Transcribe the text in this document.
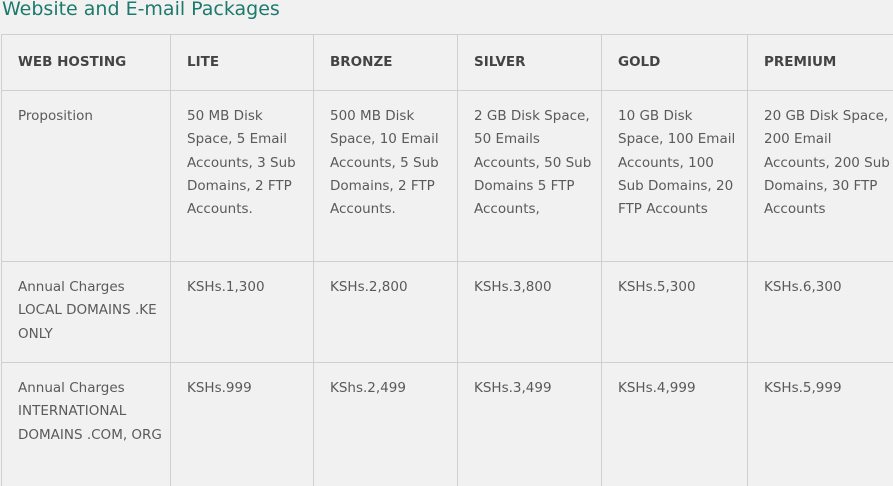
Website and E-mail Packages
WEB HOSTING	LITE	BRONZE	SILVER	GOLD	PREMIUM

Proposition	50 MB Disk Space, 5 Email Accounts, 3 Sub Domains, 2 FTP Accounts.	500 MB Disk Space, 10 Email Accounts, 5 Sub Domains, 2 FTP Accounts.	2 GB Disk Space, 50 Emails Accounts, 50 Sub Domains 5 FTP Accounts,	10 GB Disk Space, 100 Email Accounts, 100 Sub Domains, 20 FTP Accounts	20 GB Disk Space, 200 Email Accounts, 200 Sub Domains, 30 FTP Accounts

Annual Charges LOCAL DOMAINS .KE ONLY	KSHs.1,300	KSHs.2,800	KSHs.3,800	KSHs.5,300	KSHs.6,300

Annual Charges INTERNATIONAL DOMAINS .COM, ORG	KSHs.999	KShs.2,499	KSHs.3,499	KSHs.4,999	KSHs.5,999
